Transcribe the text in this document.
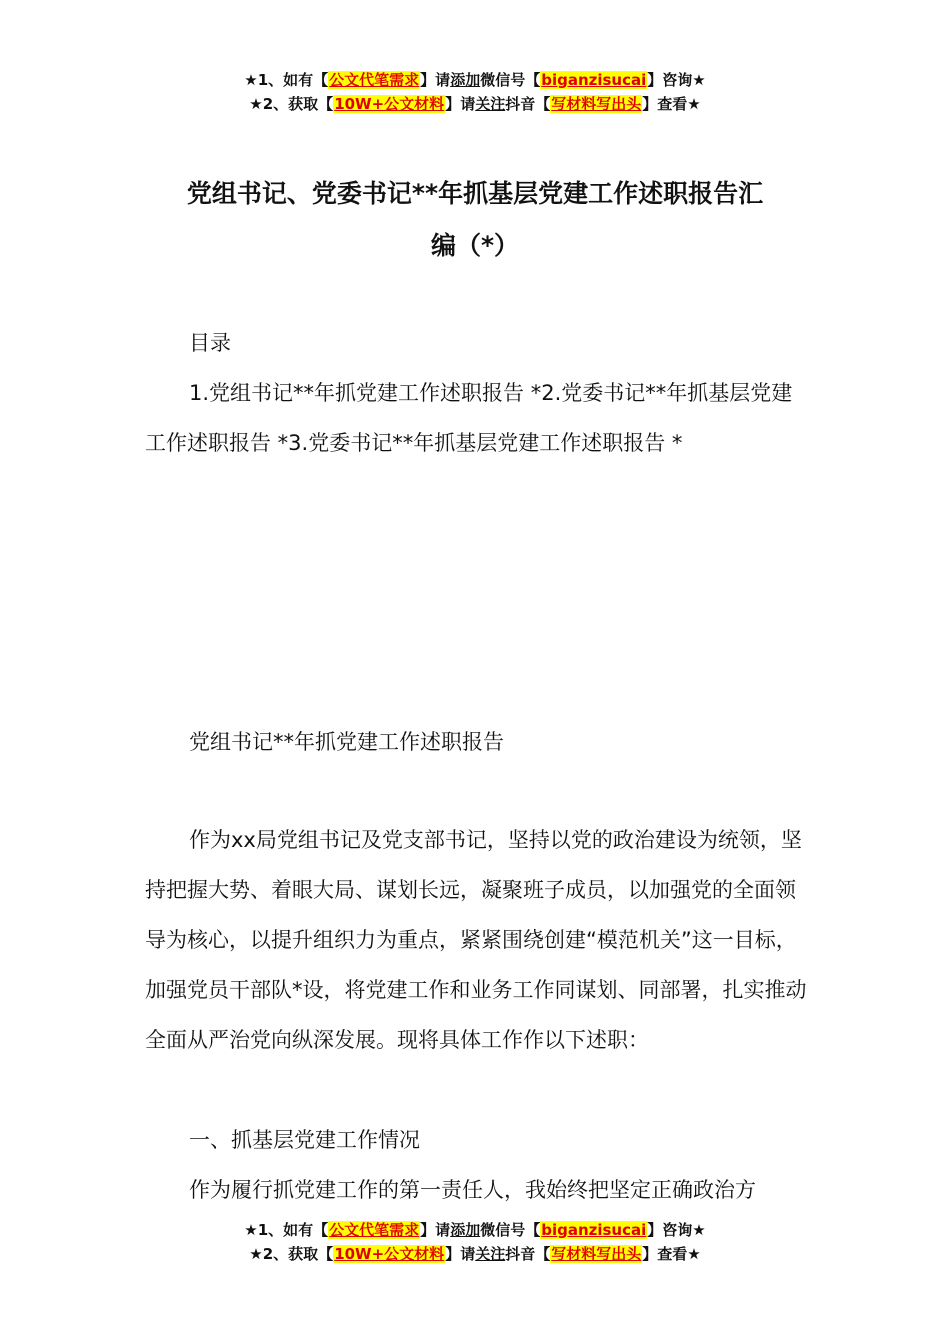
★1、如有【公文代笔需求】请添加微信号【biganzisucai】咨询★
★2、获取【10W+公文材料】请关注抖音【写材料写出头】查看★
党组书记、党委书记**年抓基层党建工作述职报告汇
编（*）
目录
1.党组书记**年抓党建工作述职报告 *2.党委书记**年抓基层党建工作述职报告 *3.党委书记**年抓基层党建工作述职报告 *
党组书记**年抓党建工作述职报告
作为xx局党组书记及党支部书记，坚持以党的政治建设为统领，坚持把握大势、着眼大局、谋划长远，凝聚班子成员，以加强党的全面领导为核心，以提升组织力为重点，紧紧围绕创建“模范机关”这一目标，加强党员干部队*设，将党建工作和业务工作同谋划、同部署，扎实推动全面从严治党向纵深发展。现将具体工作作以下述职：
一、抓基层党建工作情况
作为履行抓党建工作的第一责任人，我始终把坚定正确政治方
★1、如有【公文代笔需求】请添加微信号【biganzisucai】咨询★
★2、获取【10W+公文材料】请关注抖音【写材料写出头】查看★
